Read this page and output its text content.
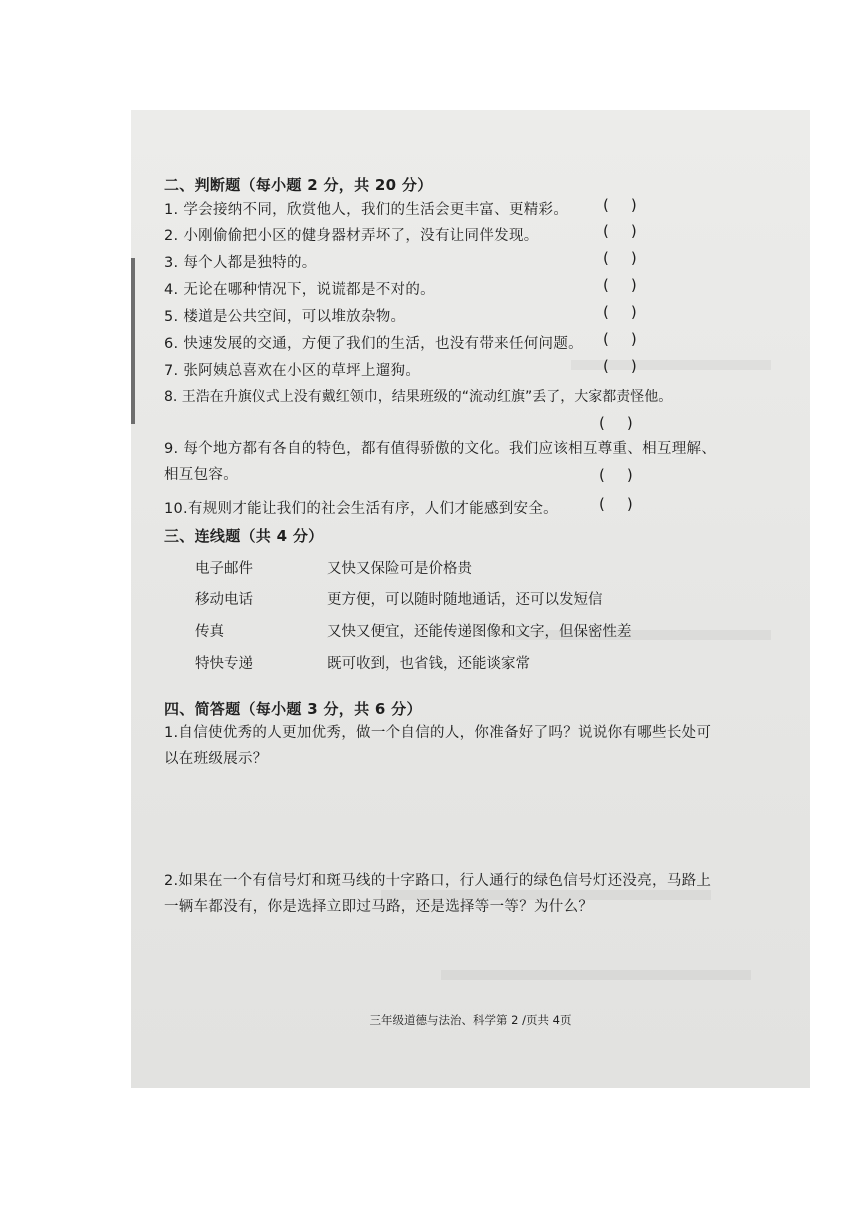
二、判断题（每小题 2 分，共 20 分）
1. 学会接纳不同，欣赏他人，我们的生活会更丰富、更精彩。 ( )
2. 小刚偷偷把小区的健身器材弄坏了，没有让同伴发现。	( )
3. 每个人都是独特的。	( )
4. 无论在哪种情况下，说谎都是不对的。	( )
5. 楼道是公共空间，可以堆放杂物。	( )
6. 快速发展的交通，方便了我们的生活，也没有带来任何问题。 ( )
7. 张阿姨总喜欢在小区的草坪上遛狗。	( )
8. 王浩在升旗仪式上没有戴红领巾，结果班级的“流动红旗”丢了，大家都责怪他。
( )
9. 每个地方都有各自的特色，都有值得骄傲的文化。我们应该相互尊重、相互理解、相互包容。	( )
10.有规则才能让我们的社会生活有序，人们才能感到安全。	( )
三、连线题（共 4 分）
电子邮件	又快又保险可是价格贵
移动电话	更方便，可以随时随地通话，还可以发短信
传真	又快又便宜，还能传递图像和文字，但保密性差
特快专递	既可收到，也省钱，还能谈家常
四、简答题（每小题 3 分，共 6 分）
1.自信使优秀的人更加优秀，做一个自信的人，你准备好了吗？说说你有哪些长处可以在班级展示？
2.如果在一个有信号灯和斑马线的十字路口，行人通行的绿色信号灯还没亮，马路上一辆车都没有，你是选择立即过马路，还是选择等一等？为什么？
三年级道德与法治、科学第 2 /页共 4页
